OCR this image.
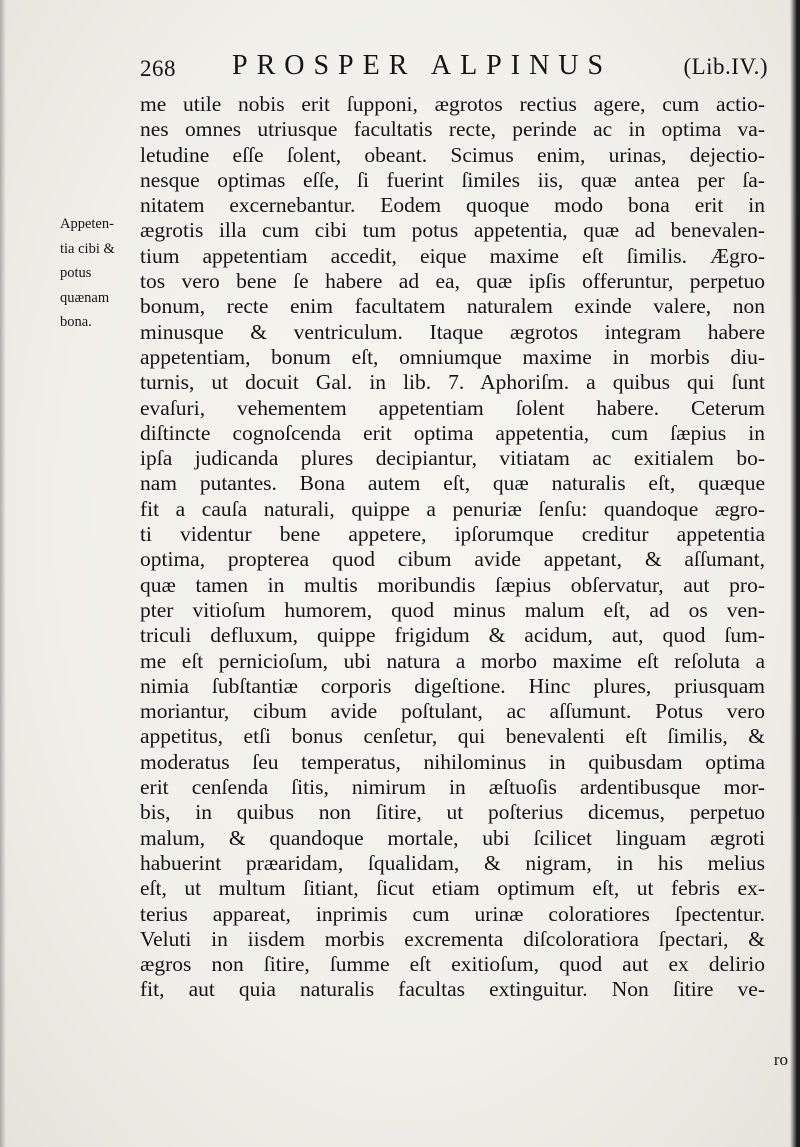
268 PROSPER ALPINUS	(Lib.IV.)
Appeten-
tia cibi &
potus
quænam
bona.
me utile nobis erit ſupponi, ægrotos rectius agere, cum actio-
nes omnes utriusque facultatis recte, perinde ac in optima va-
letudine eſſe ſolent, obeant. Scimus enim, urinas, dejectio-
nesque optimas eſſe, ſi fuerint ſimiles iis, quæ antea per ſa-
nitatem excernebantur. Eodem quoque modo bona erit in
ægrotis illa cum cibi tum potus appetentia, quæ ad benevalen-
tium appetentiam accedit, eique maxime eſt ſimilis. Ægro-
tos vero bene ſe habere ad ea, quæ ipſis offeruntur, perpetuo
bonum, recte enim facultatem naturalem exinde valere, non
minusque & ventriculum. Itaque ægrotos integram habere
appetentiam, bonum eſt, omniumque maxime in morbis diu-
turnis, ut docuit Gal. in lib. 7. Aphoriſm. a quibus qui ſunt
evaſuri, vehementem appetentiam ſolent habere. Ceterum
diſtincte cognoſcenda erit optima appetentia, cum ſæpius in
ipſa judicanda plures decipiantur, vitiatam ac exitialem bo-
nam putantes. Bona autem eſt, quæ naturalis eſt, quæque
fit a cauſa naturali, quippe a penuriæ ſenſu: quandoque ægro-
ti videntur bene appetere, ipſorumque creditur appetentia
optima, propterea quod cibum avide appetant, & aſſumant,
quæ tamen in multis moribundis ſæpius obſervatur, aut pro-
pter vitioſum humorem, quod minus malum eſt, ad os ven-
triculi defluxum, quippe frigidum & acidum, aut, quod ſum-
me eſt pernicioſum, ubi natura a morbo maxime eſt reſoluta a
nimia ſubſtantiæ corporis digeſtione. Hinc plures, priusquam
moriantur, cibum avide poſtulant, ac aſſumunt. Potus vero
appetitus, etſi bonus cenſetur, qui benevalenti eſt ſimilis, &
moderatus ſeu temperatus, nihilominus in quibusdam optima
erit cenſenda ſitis, nimirum in æſtuoſis ardentibusque mor-
bis, in quibus non ſitire, ut poſterius dicemus, perpetuo
malum, & quandoque mortale, ubi ſcilicet linguam ægroti
habuerint præaridam, ſqualidam, & nigram, in his melius
eſt, ut multum ſitiant, ſicut etiam optimum eſt, ut febris ex-
terius appareat, inprimis cum urinæ coloratiores ſpectentur.
Veluti in iisdem morbis excrementa diſcoloratiora ſpectari, &
ægros non ſitire, ſumme eſt exitioſum, quod aut ex delirio
fit, aut quia naturalis facultas extinguitur. Non ſitire ve-
ro
